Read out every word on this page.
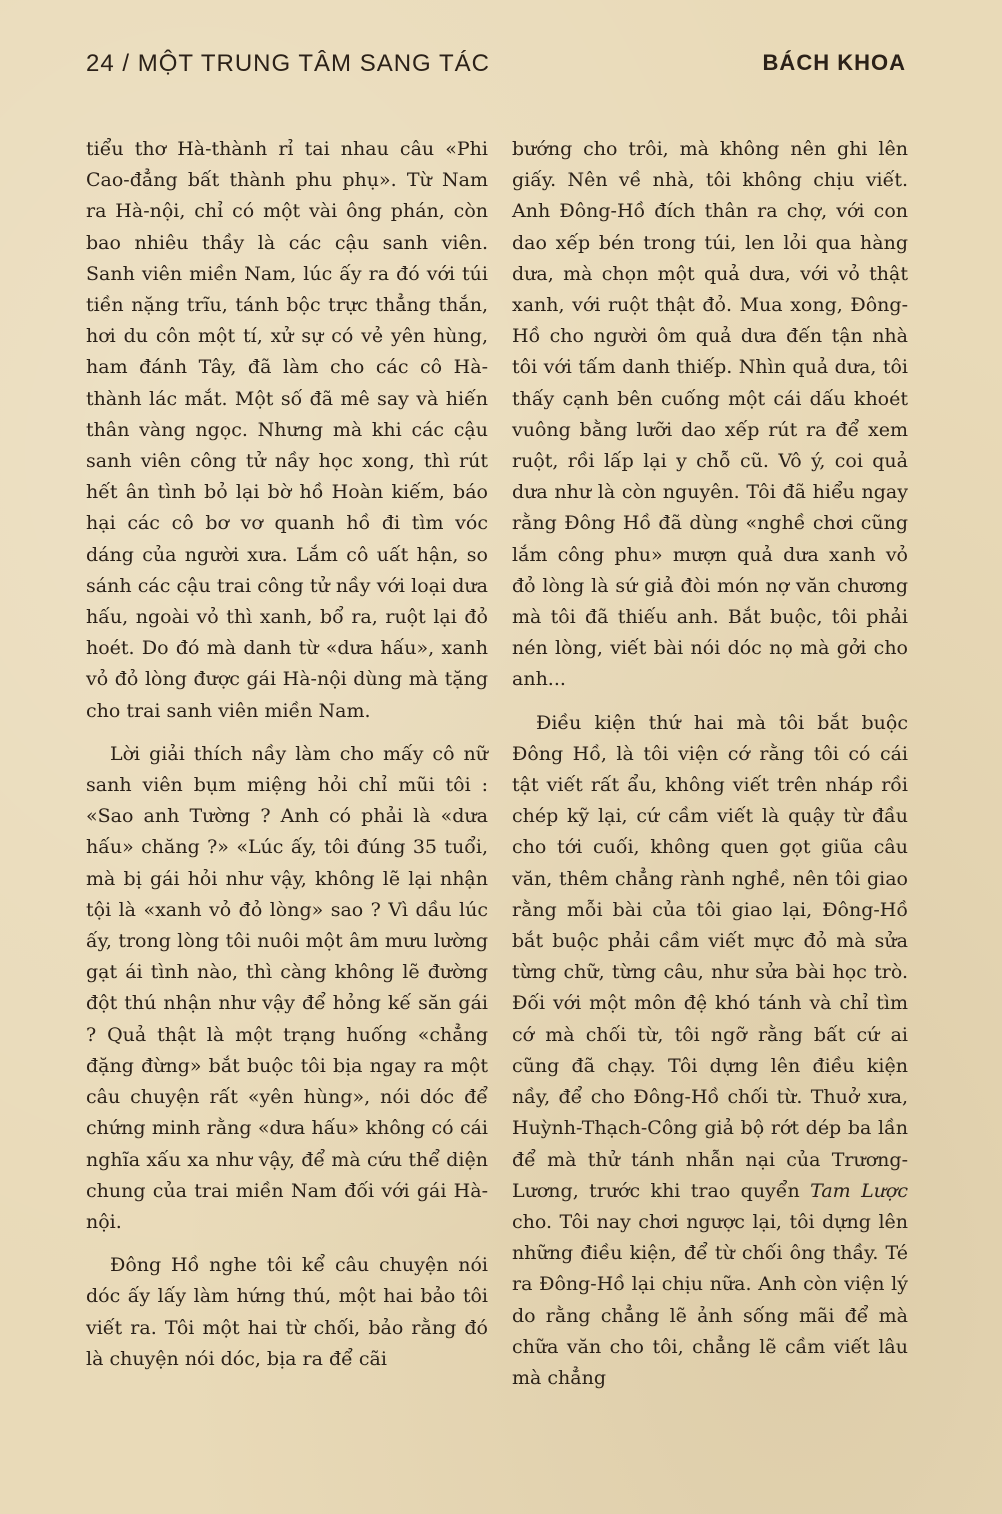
24 / MỘT TRUNG TÂM SANG TÁC	BÁCH KHOA

tiểu thơ Hà-thành rỉ tai nhau câu «Phi Cao-đẳng bất thành phu phụ». Từ Nam ra Hà-nội, chỉ có một vài ông phán, còn bao nhiêu thầy là các cậu sanh viên. Sanh viên miền Nam, lúc ấy ra đó với túi tiền nặng trĩu, tánh bộc trực thẳng thắn, hơi du côn một tí, xử sự có vẻ yên hùng, ham đánh Tây, đã làm cho các cô Hà-thành lác mắt. Một số đã mê say và hiến thân vàng ngọc. Nhưng mà khi các cậu sanh viên công tử nầy học xong, thì rút hết ân tình bỏ lại bờ hồ Hoàn kiếm, báo hại các cô bơ vơ quanh hồ đi tìm vóc dáng của người xưa. Lắm cô uất hận, so sánh các cậu trai công tử nầy với loại dưa hấu, ngoài vỏ thì xanh, bổ ra, ruột lại đỏ hoét. Do đó mà danh từ «dưa hấu», xanh vỏ đỏ lòng được gái Hà-nội dùng mà tặng cho trai sanh viên miền Nam.

Lời giải thích nầy làm cho mấy cô nữ sanh viên bụm miệng hỏi chỉ mũi tôi : «Sao anh Tường ? Anh có phải là «dưa hấu» chăng ?» «Lúc ấy, tôi đúng 35 tuổi, mà bị gái hỏi như vậy, không lẽ lại nhận tội là «xanh vỏ đỏ lòng» sao ? Vì dầu lúc ấy, trong lòng tôi nuôi một âm mưu lường gạt ái tình nào, thì càng không lẽ đường đột thú nhận như vậy để hỏng kế săn gái ? Quả thật là một trạng huống «chẳng đặng đừng» bắt buộc tôi bịa ngay ra một câu chuyện rất «yên hùng», nói dóc để chứng minh rằng «dưa hấu» không có cái nghĩa xấu xa như vậy, để mà cứu thể diện chung của trai miền Nam đối với gái Hà-nội.

Đông Hồ nghe tôi kể câu chuyện nói dóc ấy lấy làm hứng thú, một hai bảo tôi viết ra. Tôi một hai từ chối, bảo rằng đó là chuyện nói dóc, bịa ra để cãi

bướng cho trôi, mà không nên ghi lên giấy. Nên về nhà, tôi không chịu viết. Anh Đông-Hồ đích thân ra chợ, với con dao xếp bén trong túi, len lỏi qua hàng dưa, mà chọn một quả dưa, với vỏ thật xanh, với ruột thật đỏ. Mua xong, Đông-Hồ cho người ôm quả dưa đến tận nhà tôi với tấm danh thiếp. Nhìn quả dưa, tôi thấy cạnh bên cuống một cái dấu khoét vuông bằng lưỡi dao xếp rút ra để xem ruột, rồi lấp lại y chỗ cũ. Vô ý, coi quả dưa như là còn nguyên. Tôi đã hiểu ngay rằng Đông Hồ đã dùng «nghề chơi cũng lắm công phu» mượn quả dưa xanh vỏ đỏ lòng là sứ giả đòi món nợ văn chương mà tôi đã thiếu anh. Bắt buộc, tôi phải nén lòng, viết bài nói dóc nọ mà gởi cho anh...

Điều kiện thứ hai mà tôi bắt buộc Đông Hồ, là tôi viện cớ rằng tôi có cái tật viết rất ẩu, không viết trên nháp rồi chép kỹ lại, cứ cầm viết là quậy từ đầu cho tới cuối, không quen gọt giũa câu văn, thêm chẳng rành nghề, nên tôi giao rằng mỗi bài của tôi giao lại, Đông-Hồ bắt buộc phải cầm viết mực đỏ mà sửa từng chữ, từng câu, như sửa bài học trò. Đối với một môn đệ khó tánh và chỉ tìm cớ mà chối từ, tôi ngỡ rằng bất cứ ai cũng đã chạy. Tôi dựng lên điều kiện nầy, để cho Đông-Hồ chối từ. Thuở xưa, Huỳnh-Thạch-Công giả bộ rớt dép ba lần để mà thử tánh nhẫn nại của Trương-Lương, trước khi trao quyển Tam Lược cho. Tôi nay chơi ngược lại, tôi dựng lên những điều kiện, để từ chối ông thầy. Té ra Đông-Hồ lại chịu nữa. Anh còn viện lý do rằng chẳng lẽ ảnh sống mãi để mà chữa văn cho tôi, chẳng lẽ cầm viết lâu mà chẳng
